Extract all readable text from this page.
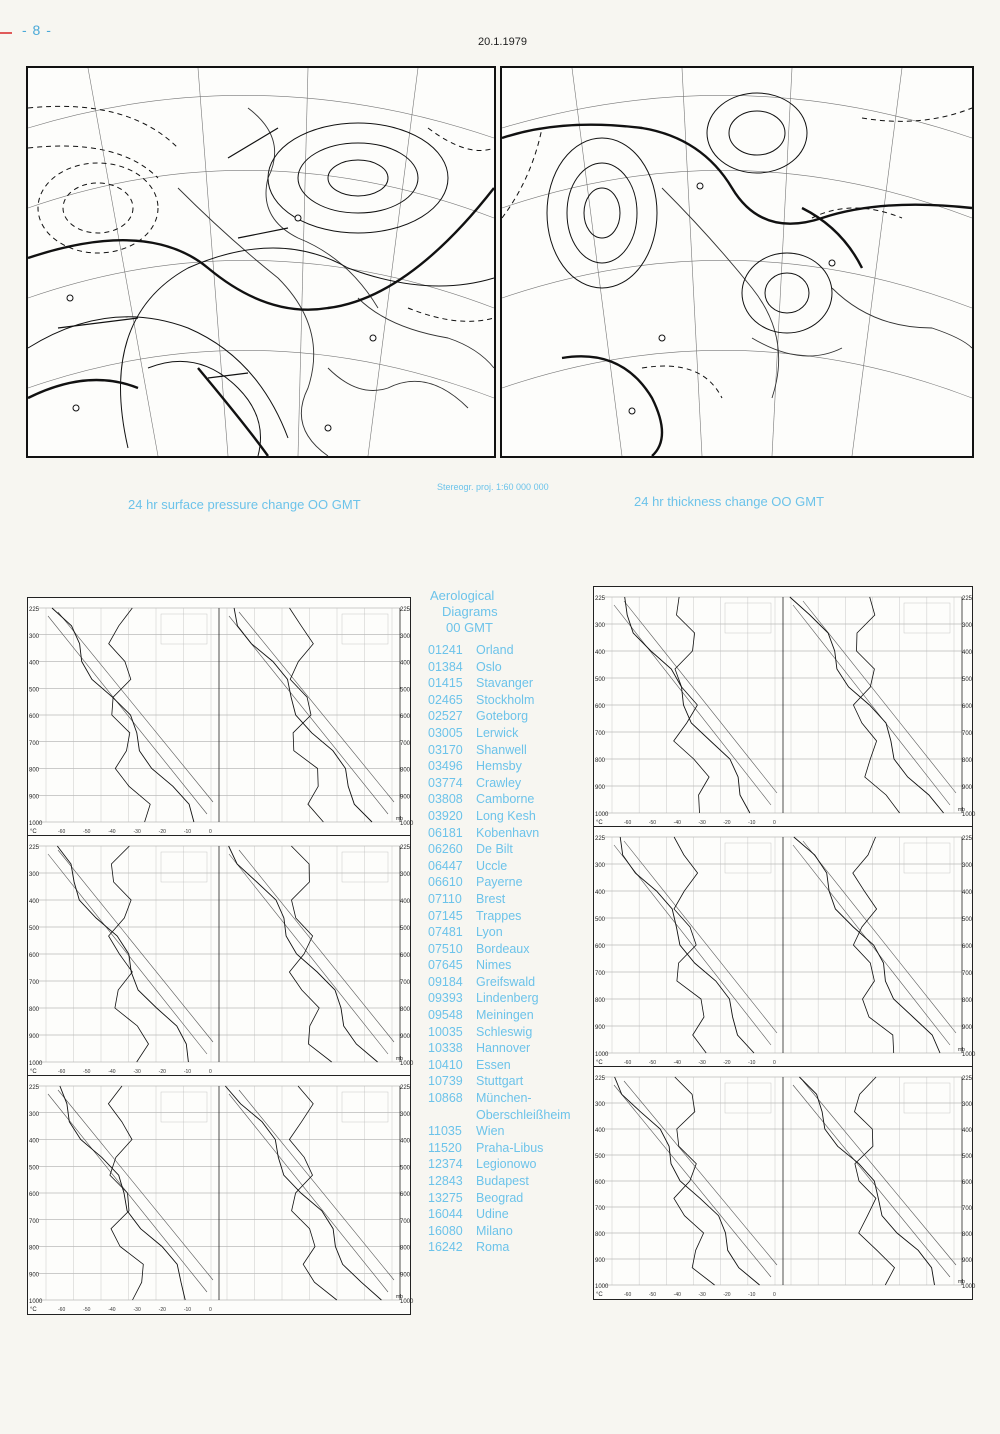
- 8 -
20.1.1979
Stereogr. proj. 1:60 000 000
24 hr surface pressure change OO GMT	24 hr thickness change OO GMT
225	225
300	300
400	400
500	500
600	600
700	700
800	800
900	900
1000	1000
°C
mb
-60	-50	-40	-30	-20	-10	0
225	225
300	300
400	400
500	500
600	600
700	700
800	800
900	900
1000	1000
°C
mb
-60	-50	-40	-30	-20	-10	0
225	225
300	300
400	400
500	500
600	600
700	700
800	800
900	900
1000	1000
°C
mb
-60	-50	-40	-30	-20	-10	0
225	225
300	300
400	400
500	500
600	600
700	700
800	800
900	900
1000	1000
°C
mb
-60	-50	-40	-30	-20	-10	0
225	225
300	300
400	400
500	500
600	600
700	700
800	800
900	900
1000	1000
°C
mb
-60	-50	-40	-30	-20	-10	0
225	225
300	300
400	400
500	500
600	600
700	700
800	800
900	900
1000	1000
°C
mb
-60	-50	-40	-30	-20	-10	0
Aerological
Diagrams
00 GMT
01241	Orland
01384	Oslo
01415	Stavanger
02465	Stockholm
02527	Goteborg
03005	Lerwick
03170	Shanwell
03496	Hemsby
03774	Crawley
03808	Camborne
03920	Long Kesh
06181	Kobenhavn
06260	De Bilt
06447	Uccle
06610	Payerne
07110	Brest
07145	Trappes
07481	Lyon
07510	Bordeaux
07645	Nimes
09184	Greifswald
09393	Lindenberg
09548	Meiningen
10035	Schleswig
10338	Hannover
10410	Essen
10739	Stuttgart
10868	München-
Oberschleißheim
11035	Wien
11520	Praha-Libus
12374	Legionowo
12843	Budapest
13275	Beograd
16044	Udine
16080	Milano
16242	Roma
